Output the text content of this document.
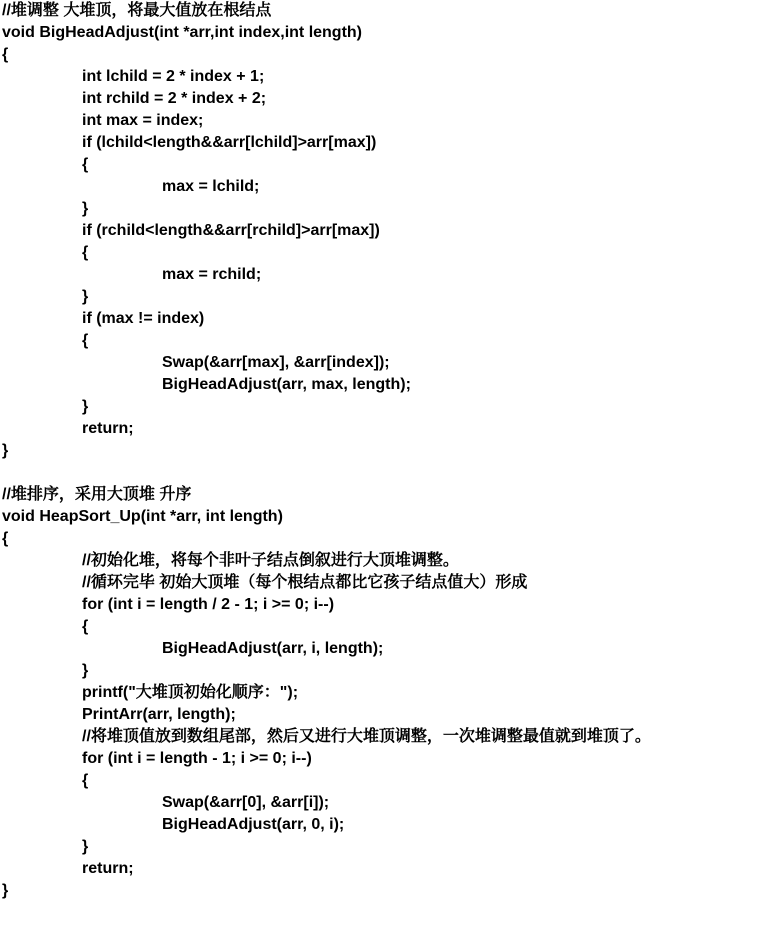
//堆调整 大堆顶，将最大值放在根结点
void BigHeadAdjust(int *arr,int index,int length)
{
int lchild = 2 * index + 1;
int rchild = 2 * index + 2;
int max = index;
if (lchild<length&&arr[lchild]>arr[max])
{
max = lchild;
}
if (rchild<length&&arr[rchild]>arr[max])
{
max = rchild;
}
if (max != index)
{
Swap(&arr[max], &arr[index]);
BigHeadAdjust(arr, max, length);
}
return;
}
//堆排序，采用大顶堆 升序
void HeapSort_Up(int *arr, int length)
{
//初始化堆，将每个非叶子结点倒叙进行大顶堆调整。
//循环完毕 初始大顶堆（每个根结点都比它孩子结点值大）形成
for (int i = length / 2 - 1; i >= 0; i--)
{
BigHeadAdjust(arr, i, length);
}
printf("大堆顶初始化顺序：");
PrintArr(arr, length);
//将堆顶值放到数组尾部，然后又进行大堆顶调整，一次堆调整最值就到堆顶了。
for (int i = length - 1; i >= 0; i--)
{
Swap(&arr[0], &arr[i]);
BigHeadAdjust(arr, 0, i);
}
return;
}
